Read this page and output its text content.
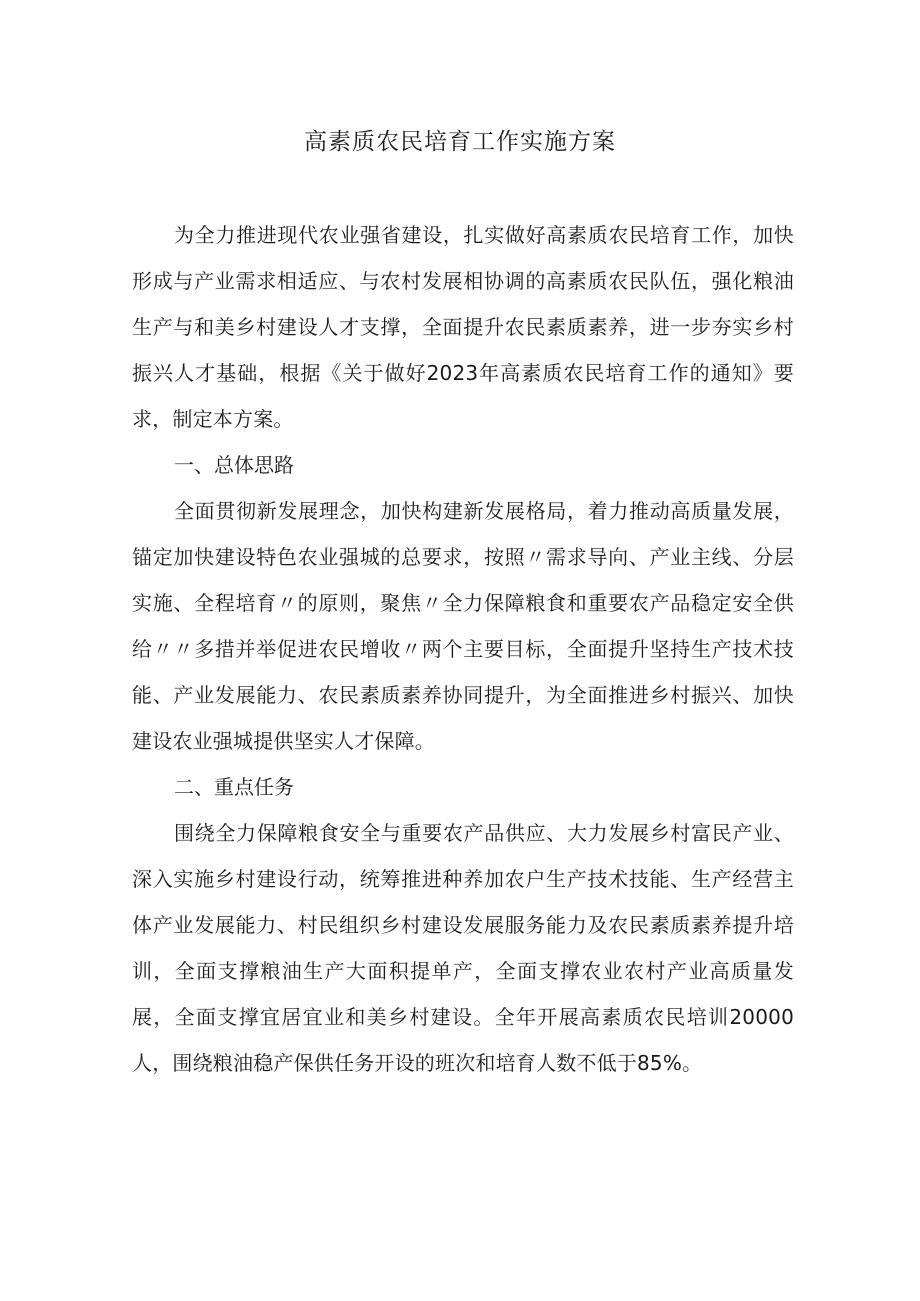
高素质农民培育工作实施方案

为全力推进现代农业强省建设，扎实做好高素质农民培育工作，加快形成与产业需求相适应、与农村发展相协调的高素质农民队伍，强化粮油生产与和美乡村建设人才支撑，全面提升农民素质素养，进一步夯实乡村振兴人才基础，根据《关于做好2023年高素质农民培育工作的通知》要求，制定本方案。

一、总体思路

全面贯彻新发展理念，加快构建新发展格局，着力推动高质量发展，锚定加快建设特色农业强城的总要求，按照〃需求导向、产业主线、分层实施、全程培育〃的原则，聚焦〃全力保障粮食和重要农产品稳定安全供给〃〃多措并举促进农民增收〃两个主要目标，全面提升坚持生产技术技能、产业发展能力、农民素质素养协同提升，为全面推进乡村振兴、加快建设农业强城提供坚实人才保障。

二、重点任务

围绕全力保障粮食安全与重要农产品供应、大力发展乡村富民产业、深入实施乡村建设行动，统筹推进种养加农户生产技术技能、生产经营主体产业发展能力、村民组织乡村建设发展服务能力及农民素质素养提升培训，全面支撑粮油生产大面积提单产，全面支撑农业农村产业高质量发展，全面支撑宜居宜业和美乡村建设。全年开展高素质农民培训20000人，围绕粮油稳产保供任务开设的班次和培育人数不低于85%。
